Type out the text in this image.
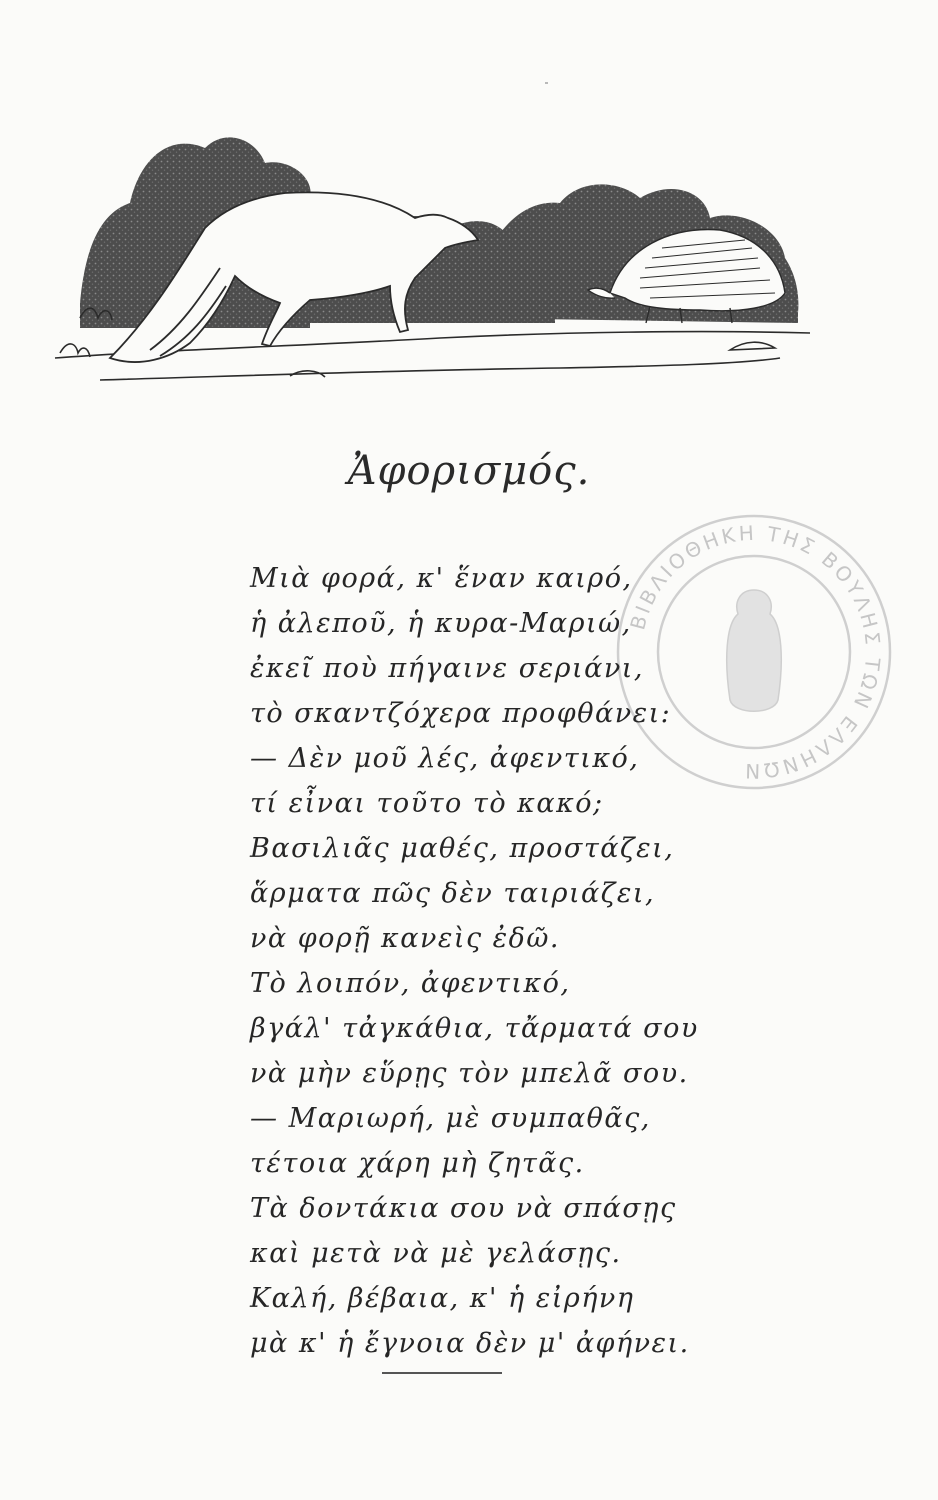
Ἀφορισμός.
ΒΙΒΛΙΟΘΗΚΗ ΤΗΣ ΒΟΥΛΗΣ ΤΩΝ ΕΛΛΗΝΩΝ
Μιὰ φορά, κ' ἕναν καιρό,
ἡ ἀλεποῦ, ἡ κυρα-Μαριώ,
ἐκεῖ ποὺ πήγαινε σεριάνι,
τὸ σκαντζόχερα προφθάνει:
— Δὲν μοῦ λές, ἀφεντικό,
τί εἶναι τοῦτο τὸ κακό;
Βασιλιᾶς μαθές, προστάζει,
ἅρματα πῶς δὲν ταιριάζει,
νὰ φορῇ κανεὶς ἐδῶ.
Τὸ λοιπόν, ἀφεντικό,
βγάλ' τἀγκάθια, τἄρματά σου
νὰ μὴν εὕρῃς τὸν μπελᾶ σου.
— Μαριωρή, μὲ συμπαθᾶς,
τέτοια χάρη μὴ ζητᾶς.
Τὰ δοντάκια σου νὰ σπάσῃς
καὶ μετὰ νὰ μὲ γελάσῃς.
Καλή, βέβαια, κ' ἡ εἰρήνη
μὰ κ' ἡ ἔγνοια δὲν μ' ἀφήνει.
